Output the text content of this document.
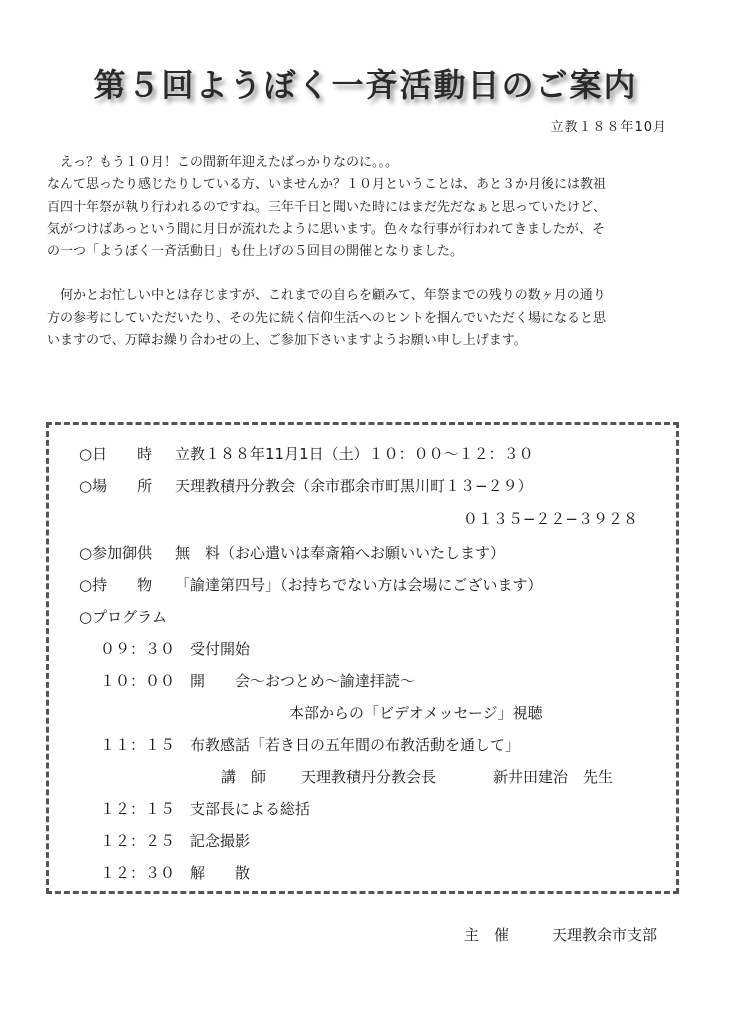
第５回ようぼく一斉活動日のご案内

立教１８８年10月

　えっ？もう１０月！この間新年迎えたばっかりなのに。。。

なんて思ったり感じたりしている方、いませんか？１０月ということは、あと３か月後には教祖

百四十年祭が執り行われるのですね。三年千日と聞いた時にはまだ先だなぁと思っていたけど、

気がつけばあっという間に月日が流れたように思います。色々な行事が行われてきましたが、そ

の一つ「ようぼく一斉活動日」も仕上げの５回目の開催となりました。

　何かとお忙しい中とは存じますが、これまでの自らを顧みて、年祭までの残りの数ヶ月の通り

方の参考にしていただいたり、その先に続く信仰生活へのヒントを掴んでいただく場になると思

いますので、万障お繰り合わせの上、ご参加下さいますようお願い申し上げます。

○日　　時 立教１８８年11月1日（土）１０：００～１２：３０

○場　　所 天理教積丹分教会（余市郡余市町黒川町１３−２９）

０１３５−２２−３９２８

○参加御供 無　料（お心遣いは奉斎箱へお願いいたします）

○持　　物 「諭達第四号」（お持ちでない方は会場にございます）

○プログラム

０９：３０ 受付開始

１０：００ 開　　会～おつとめ～諭達拝読～

本部からの「ビデオメッセージ」視聴

１１：１５ 布教感話「若き日の五年間の布教活動を通して」

講　師 天理教積丹分教会長	新井田建治　先生

１２：１５ 支部長による総括

１２：２５ 記念撮影

１２：３０ 解　　散

主　催	天理教余市支部
